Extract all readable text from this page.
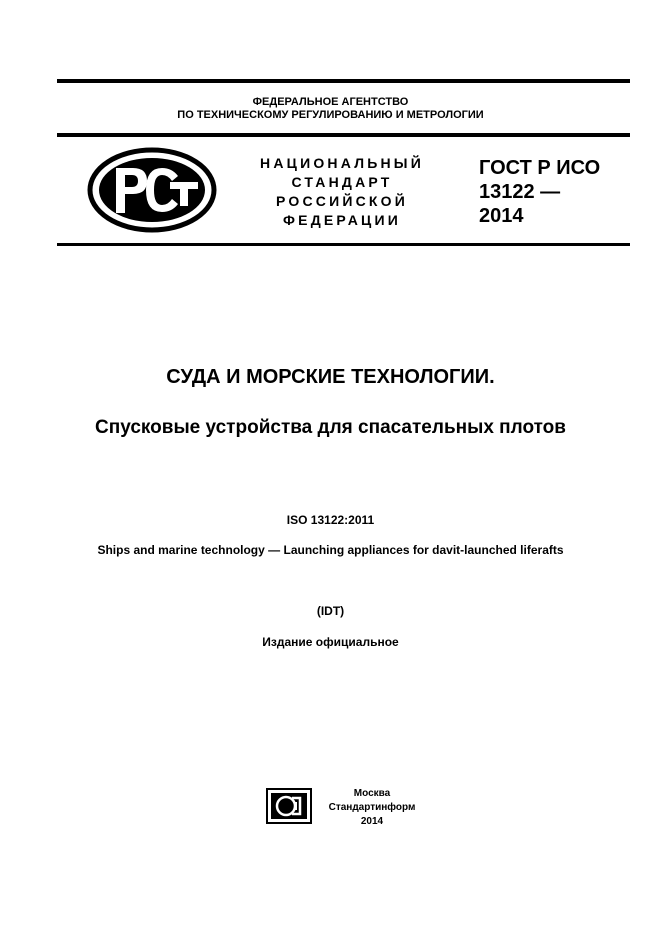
ФЕДЕРАЛЬНОЕ АГЕНТСТВО
ПО ТЕХНИЧЕСКОМУ РЕГУЛИРОВАНИЮ И МЕТРОЛОГИИ
НАЦИОНАЛЬНЫЙ
СТАНДАРТ
РОССИЙСКОЙ
ФЕДЕРАЦИИ
ГОСТ Р ИСО
13122 —
2014
СУДА И МОРСКИЕ ТЕХНОЛОГИИ.
Спусковые устройства для спасательных плотов
ISO 13122:2011
Ships and marine technology — Launching appliances for davit-launched liferafts
(IDT)
Издание официальное
Москва
Стандартинформ
2014
